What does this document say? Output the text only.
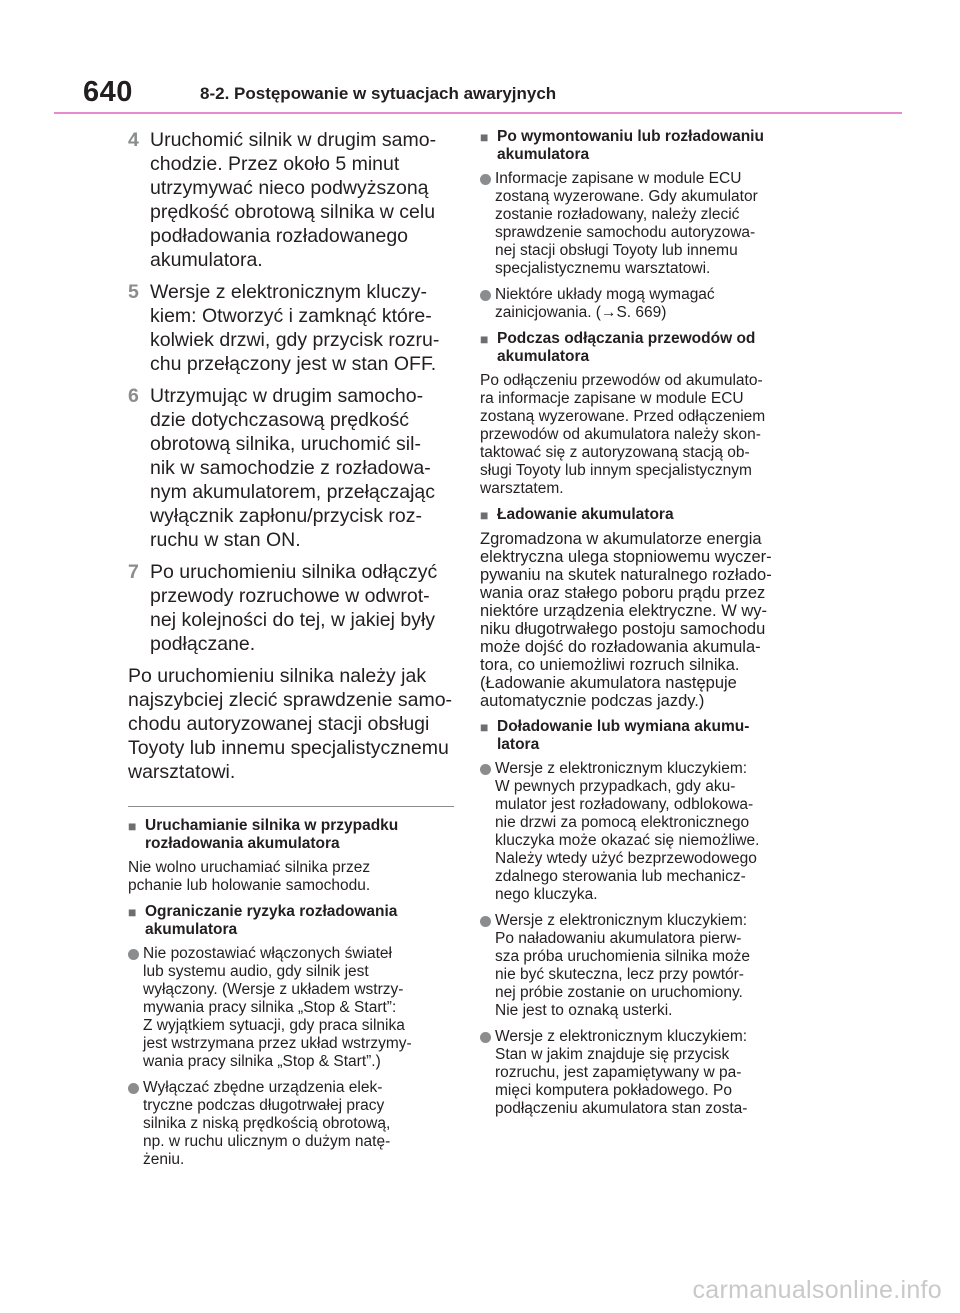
640	8-2. Postępowanie w sytuacjach awaryjnych
4 Uruchomić silnik w drugim samo-
chodzie. Przez około 5 minut
utrzymywać nieco podwyższoną
prędkość obrotową silnika w celu
podładowania rozładowanego
akumulatora.
5 Wersje z elektronicznym kluczy-
kiem: Otworzyć i zamknąć które-
kolwiek drzwi, gdy przycisk rozru-
chu przełączony jest w stan OFF.
6 Utrzymując w drugim samocho-
dzie dotychczasową prędkość
obrotową silnika, uruchomić sil-
nik w samochodzie z rozładowa-
nym akumulatorem, przełączając
wyłącznik zapłonu/przycisk roz-
ruchu w stan ON.
7 Po uruchomieniu silnika odłączyć
przewody rozruchowe w odwrot-
nej kolejności do tej, w jakiej były
podłączane.
Po uruchomieniu silnika należy jak
najszybciej zlecić sprawdzenie samo-
chodu autoryzowanej stacji obsługi
Toyoty lub innemu specjalistycznemu
warsztatowi.
■ Uruchamianie silnika w przypadku
rozładowania akumulatora
Nie wolno uruchamiać silnika przez
pchanie lub holowanie samochodu.
■ Ograniczanie ryzyka rozładowania
akumulatora
Nie pozostawiać włączonych świateł
lub systemu audio, gdy silnik jest
wyłączony. (Wersje z układem wstrzy-
mywania pracy silnika „Stop & Start”:
Z wyjątkiem sytuacji, gdy praca silnika
jest wstrzymana przez układ wstrzymy-
wania pracy silnika „Stop & Start”.)
Wyłączać zbędne urządzenia elek-
tryczne podczas długotrwałej pracy
silnika z niską prędkością obrotową,
np. w ruchu ulicznym o dużym natę-
żeniu.
■ Po wymontowaniu lub rozładowaniu
akumulatora
Informacje zapisane w module ECU
zostaną wyzerowane. Gdy akumulator
zostanie rozładowany, należy zlecić
sprawdzenie samochodu autoryzowa-
nej stacji obsługi Toyoty lub innemu
specjalistycznemu warsztatowi.
Niektóre układy mogą wymagać
zainicjowania. (→S. 669)
■ Podczas odłączania przewodów od
akumulatora
Po odłączeniu przewodów od akumulato-
ra informacje zapisane w module ECU
zostaną wyzerowane. Przed odłączeniem
przewodów od akumulatora należy skon-
taktować się z autoryzowaną stacją ob-
sługi Toyoty lub innym specjalistycznym
warsztatem.
■ Ładowanie akumulatora
Zgromadzona w akumulatorze energia
elektryczna ulega stopniowemu wyczer-
pywaniu na skutek naturalnego rozłado-
wania oraz stałego poboru prądu przez
niektóre urządzenia elektryczne. W wy-
niku długotrwałego postoju samochodu
może dojść do rozładowania akumula-
tora, co uniemożliwi rozruch silnika.
(Ładowanie akumulatora następuje
automatycznie podczas jazdy.)
■ Doładowanie lub wymiana akumu-
latora
Wersje z elektronicznym kluczykiem:
W pewnych przypadkach, gdy aku-
mulator jest rozładowany, odblokowa-
nie drzwi za pomocą elektronicznego
kluczyka może okazać się niemożliwe.
Należy wtedy użyć bezprzewodowego
zdalnego sterowania lub mechanicz-
nego kluczyka.
Wersje z elektronicznym kluczykiem:
Po naładowaniu akumulatora pierw-
sza próba uruchomienia silnika może
nie być skuteczna, lecz przy powtór-
nej próbie zostanie on uruchomiony.
Nie jest to oznaką usterki.
Wersje z elektronicznym kluczykiem:
Stan w jakim znajduje się przycisk
rozruchu, jest zapamiętywany w pa-
mięci komputera pokładowego. Po
podłączeniu akumulatora stan zosta-
carmanualsonline.info
